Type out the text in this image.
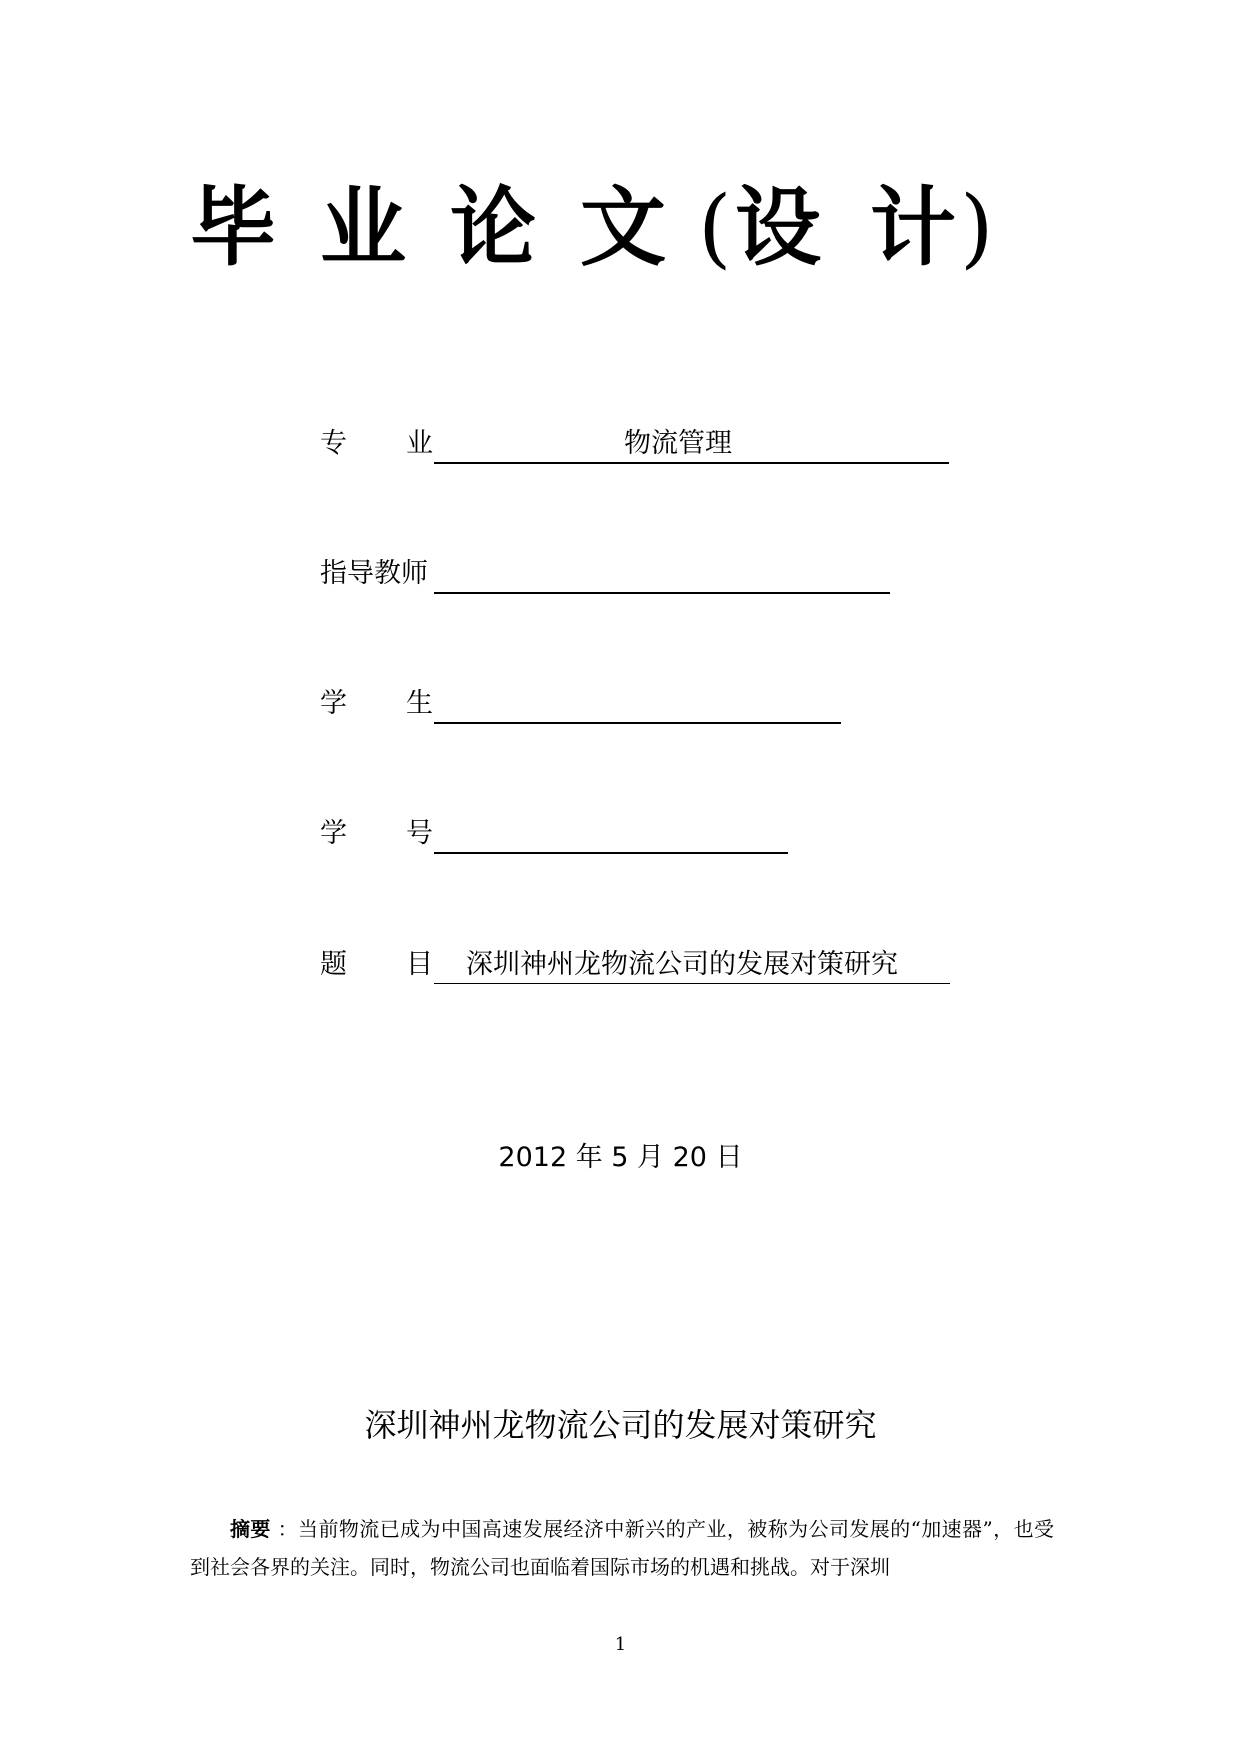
毕 业 论 文 ( 设 计 )
专 业	物流管理
指导教师
学 生
学 号
题 目 深圳神州龙物流公司的发展对策研究
2012 年 5 月 20 日
深圳神州龙物流公司的发展对策研究
摘要 ：当前物流已成为中国高速发展经济中新兴的产业，被称为公司发展的“加速器”，也受到社会各界的关注。同时，物流公司也面临着国际市场的机遇和挑战。对于深圳
1
